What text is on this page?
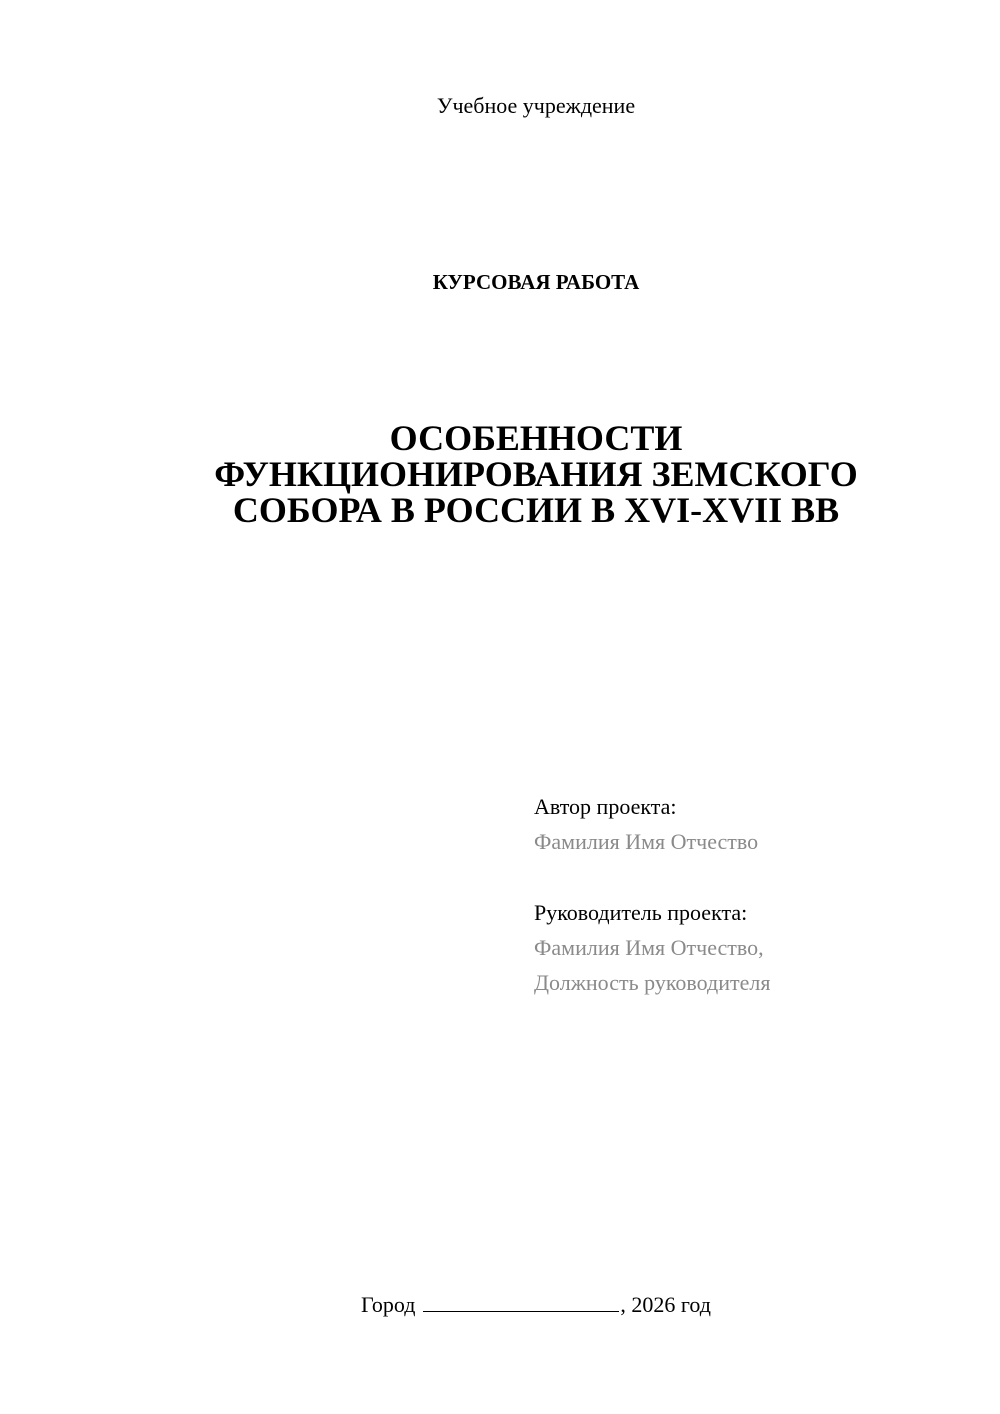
Учебное учреждение
КУРСОВАЯ РАБОТА
ОСОБЕННОСТИ
ФУНКЦИОНИРОВАНИЯ ЗЕМСКОГО
СОБОРА В РОССИИ В XVI-XVII ВВ
Автор проекта:
Фамилия Имя Отчество
Руководитель проекта:
Фамилия Имя Отчество,
Должность руководителя
Город	, 2026 год
